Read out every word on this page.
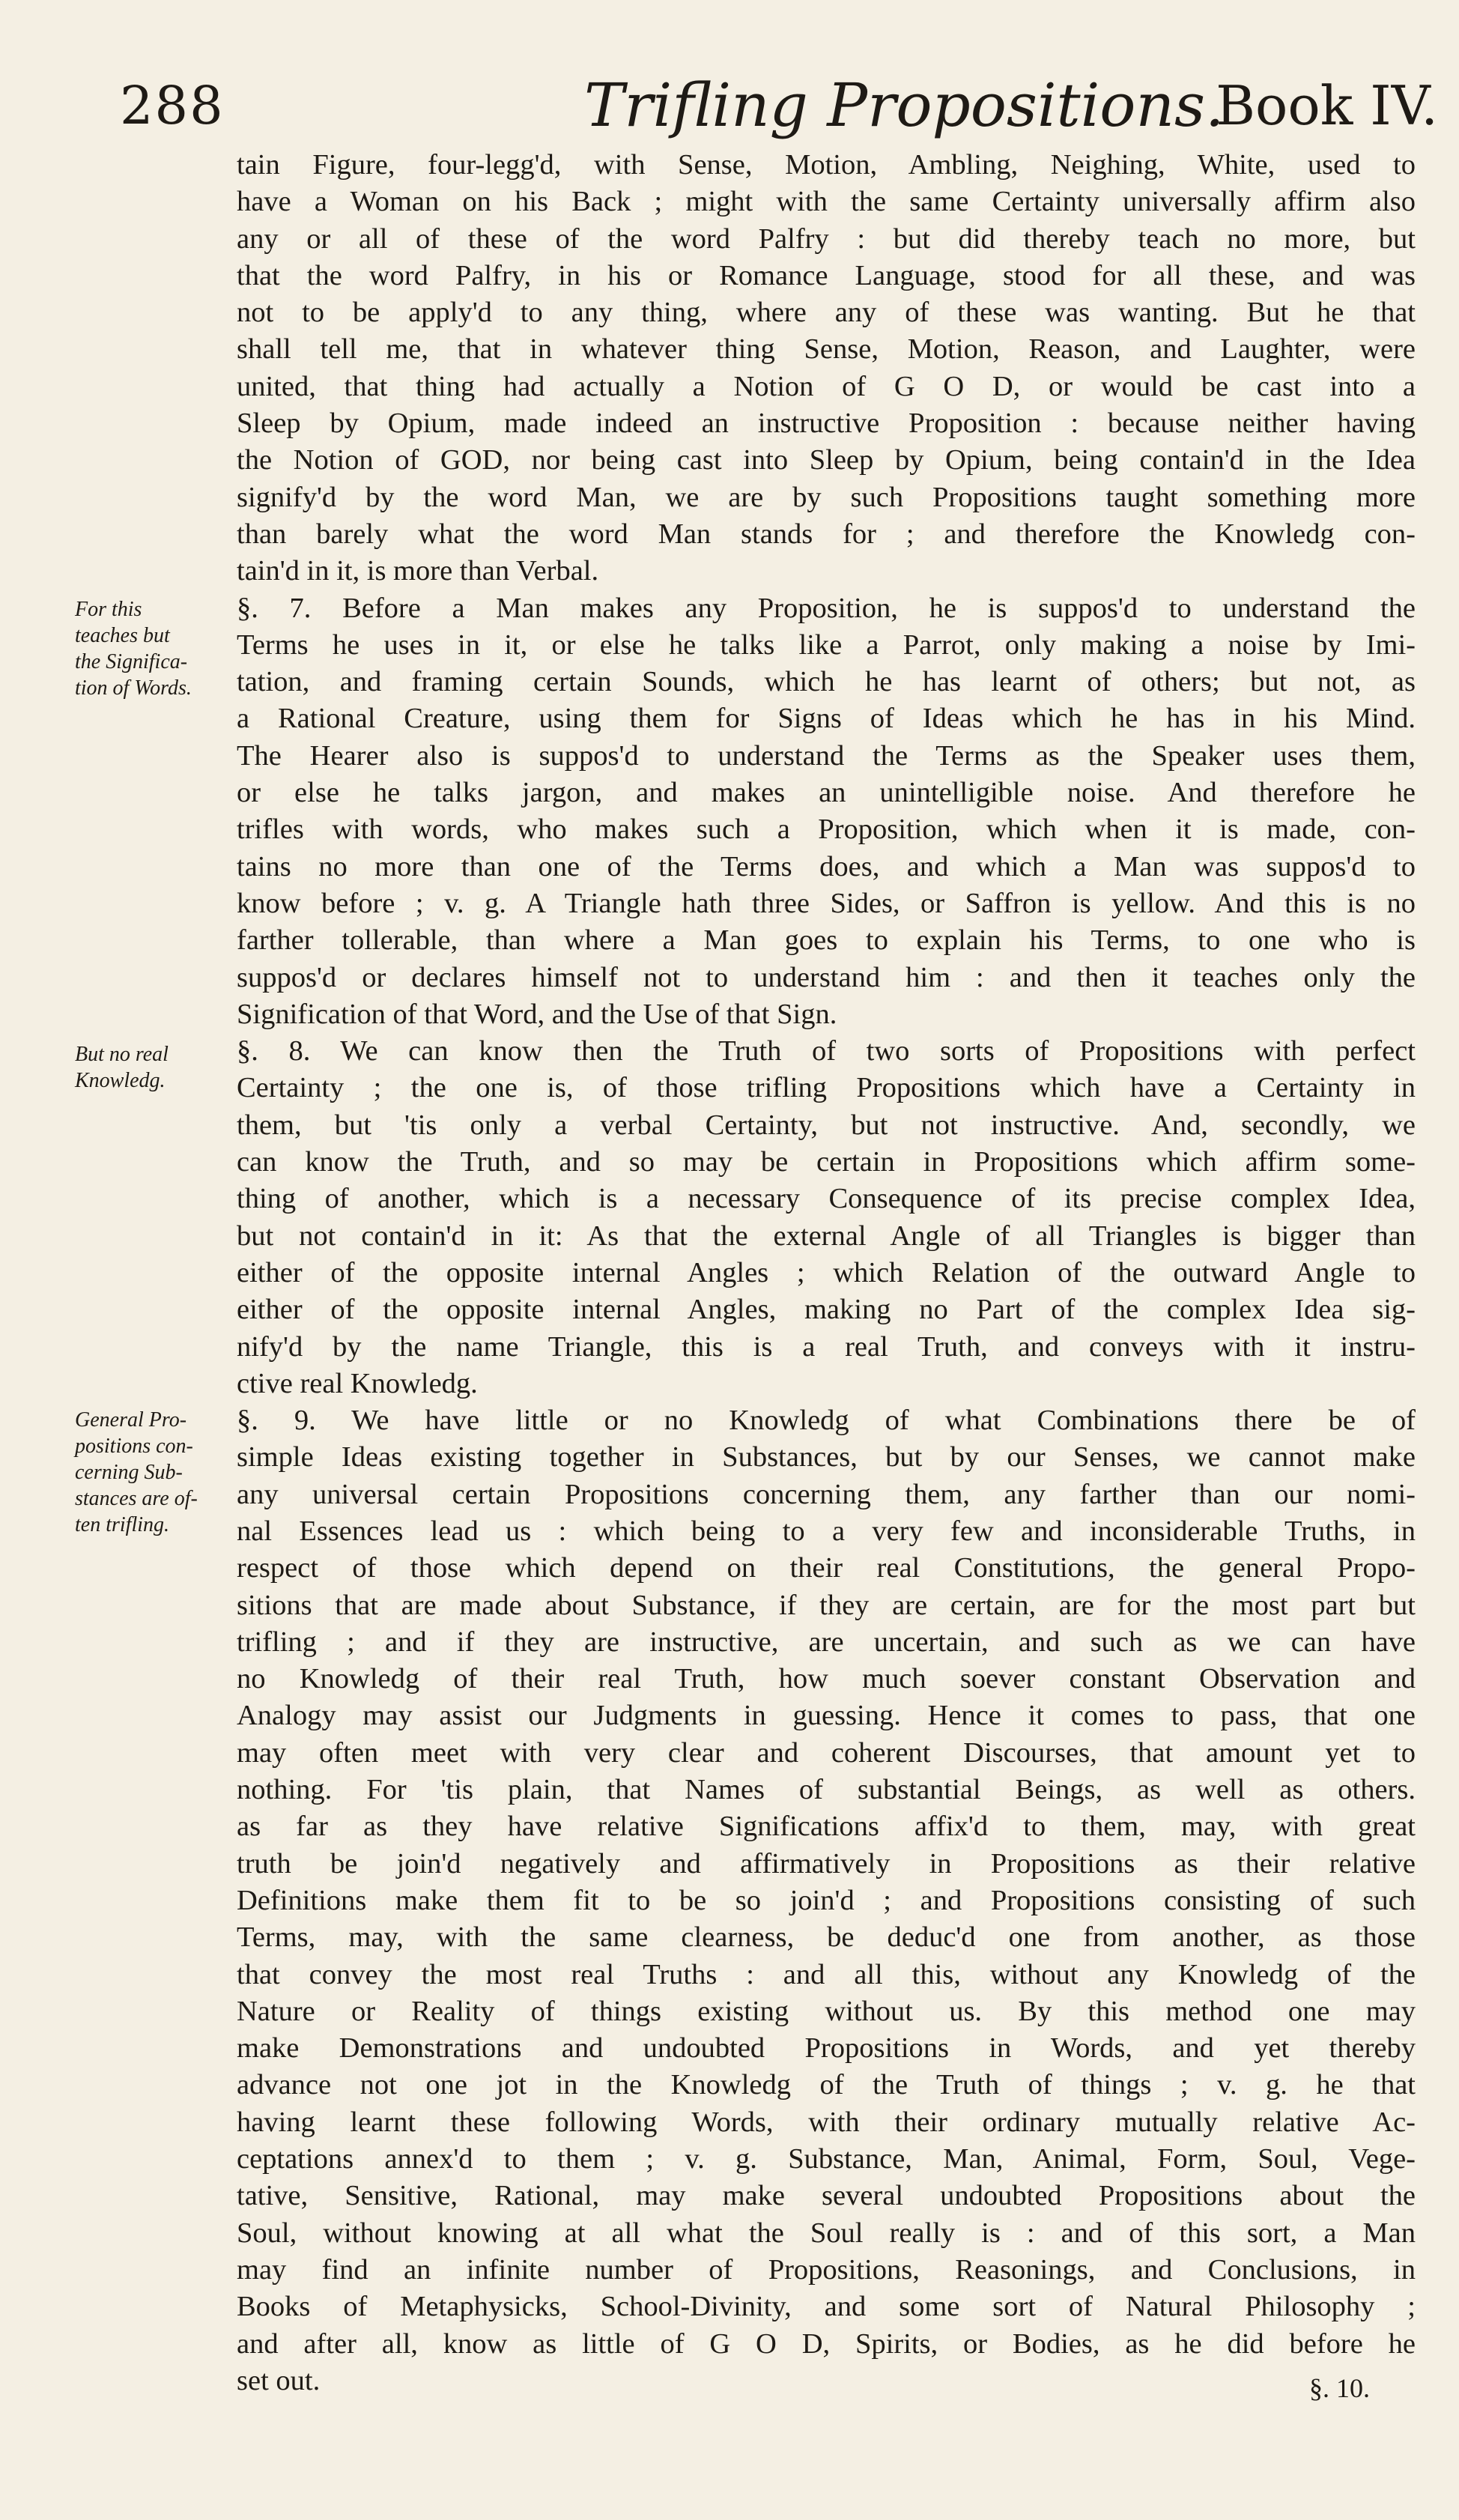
288	Trifling Propositions.
Book IV.
For this
teaches but
the Significa-
tion of Words.
But no real
Knowledg.
General Pro-
positions con-
cerning Sub-
stances are of-
ten trifling.
tain Figure, four-legg'd, with Sense, Motion, Ambling, Neighing, White, used to
have a Woman on his Back ; might with the same Certainty universally affirm also
any or all of these of the word Palfry : but did thereby teach no more, but
that the word Palfry, in his or Romance Language, stood for all these, and was
not to be apply'd to any thing, where any of these was wanting. But he that
shall tell me, that in whatever thing Sense, Motion, Reason, and Laughter, were
united, that thing had actually a Notion of G O D, or would be cast into a
Sleep by Opium, made indeed an instructive Proposition : because neither having
the Notion of GOD, nor being cast into Sleep by Opium, being contain'd in the Idea
signify'd by the word Man, we are by such Propositions taught something more
than barely what the word Man stands for ; and therefore the Knowledg con-
tain'd in it, is more than Verbal.
§. 7. Before a Man makes any Proposition, he is suppos'd to understand the
Terms he uses in it, or else he talks like a Parrot, only making a noise by Imi-
tation, and framing certain Sounds, which he has learnt of others; but not, as
a Rational Creature, using them for Signs of Ideas which he has in his Mind.
The Hearer also is suppos'd to understand the Terms as the Speaker uses them,
or else he talks jargon, and makes an unintelligible noise. And therefore he
trifles with words, who makes such a Proposition, which when it is made, con-
tains no more than one of the Terms does, and which a Man was suppos'd to
know before ; v. g. A Triangle hath three Sides, or Saffron is yellow. And this is no
farther tollerable, than where a Man goes to explain his Terms, to one who is
suppos'd or declares himself not to understand him : and then it teaches only the
Signification of that Word, and the Use of that Sign.
§. 8. We can know then the Truth of two sorts of Propositions with perfect
Certainty ; the one is, of those trifling Propositions which have a Certainty in
them, but 'tis only a verbal Certainty, but not instructive. And, secondly, we
can know the Truth, and so may be certain in Propositions which affirm some-
thing of another, which is a necessary Consequence of its precise complex Idea,
but not contain'd in it: As that the external Angle of all Triangles is bigger than
either of the opposite internal Angles ; which Relation of the outward Angle to
either of the opposite internal Angles, making no Part of the complex Idea sig-
nify'd by the name Triangle, this is a real Truth, and conveys with it instru-
ctive real Knowledg.
§. 9. We have little or no Knowledg of what Combinations there be of
simple Ideas existing together in Substances, but by our Senses, we cannot make
any universal certain Propositions concerning them, any farther than our nomi-
nal Essences lead us : which being to a very few and inconsiderable Truths, in
respect of those which depend on their real Constitutions, the general Propo-
sitions that are made about Substance, if they are certain, are for the most part but
trifling ; and if they are instructive, are uncertain, and such as we can have
no Knowledg of their real Truth, how much soever constant Observation and
Analogy may assist our Judgments in guessing. Hence it comes to pass, that one
may often meet with very clear and coherent Discourses, that amount yet to
nothing. For 'tis plain, that Names of substantial Beings, as well as others.
as far as they have relative Significations affix'd to them, may, with great
truth be join'd negatively and affirmatively in Propositions as their relative
Definitions make them fit to be so join'd ; and Propositions consisting of such
Terms, may, with the same clearness, be deduc'd one from another, as those
that convey the most real Truths : and all this, without any Knowledg of the
Nature or Reality of things existing without us. By this method one may
make Demonstrations and undoubted Propositions in Words, and yet thereby
advance not one jot in the Knowledg of the Truth of things ; v. g. he that
having learnt these following Words, with their ordinary mutually relative Ac-
ceptations annex'd to them ; v. g. Substance, Man, Animal, Form, Soul, Vege-
tative, Sensitive, Rational, may make several undoubted Propositions about the
Soul, without knowing at all what the Soul really is : and of this sort, a Man
may find an infinite number of Propositions, Reasonings, and Conclusions, in
Books of Metaphysicks, School-Divinity, and some sort of Natural Philosophy ;
and after all, know as little of G O D, Spirits, or Bodies, as he did before he
set out.	§. 10.
